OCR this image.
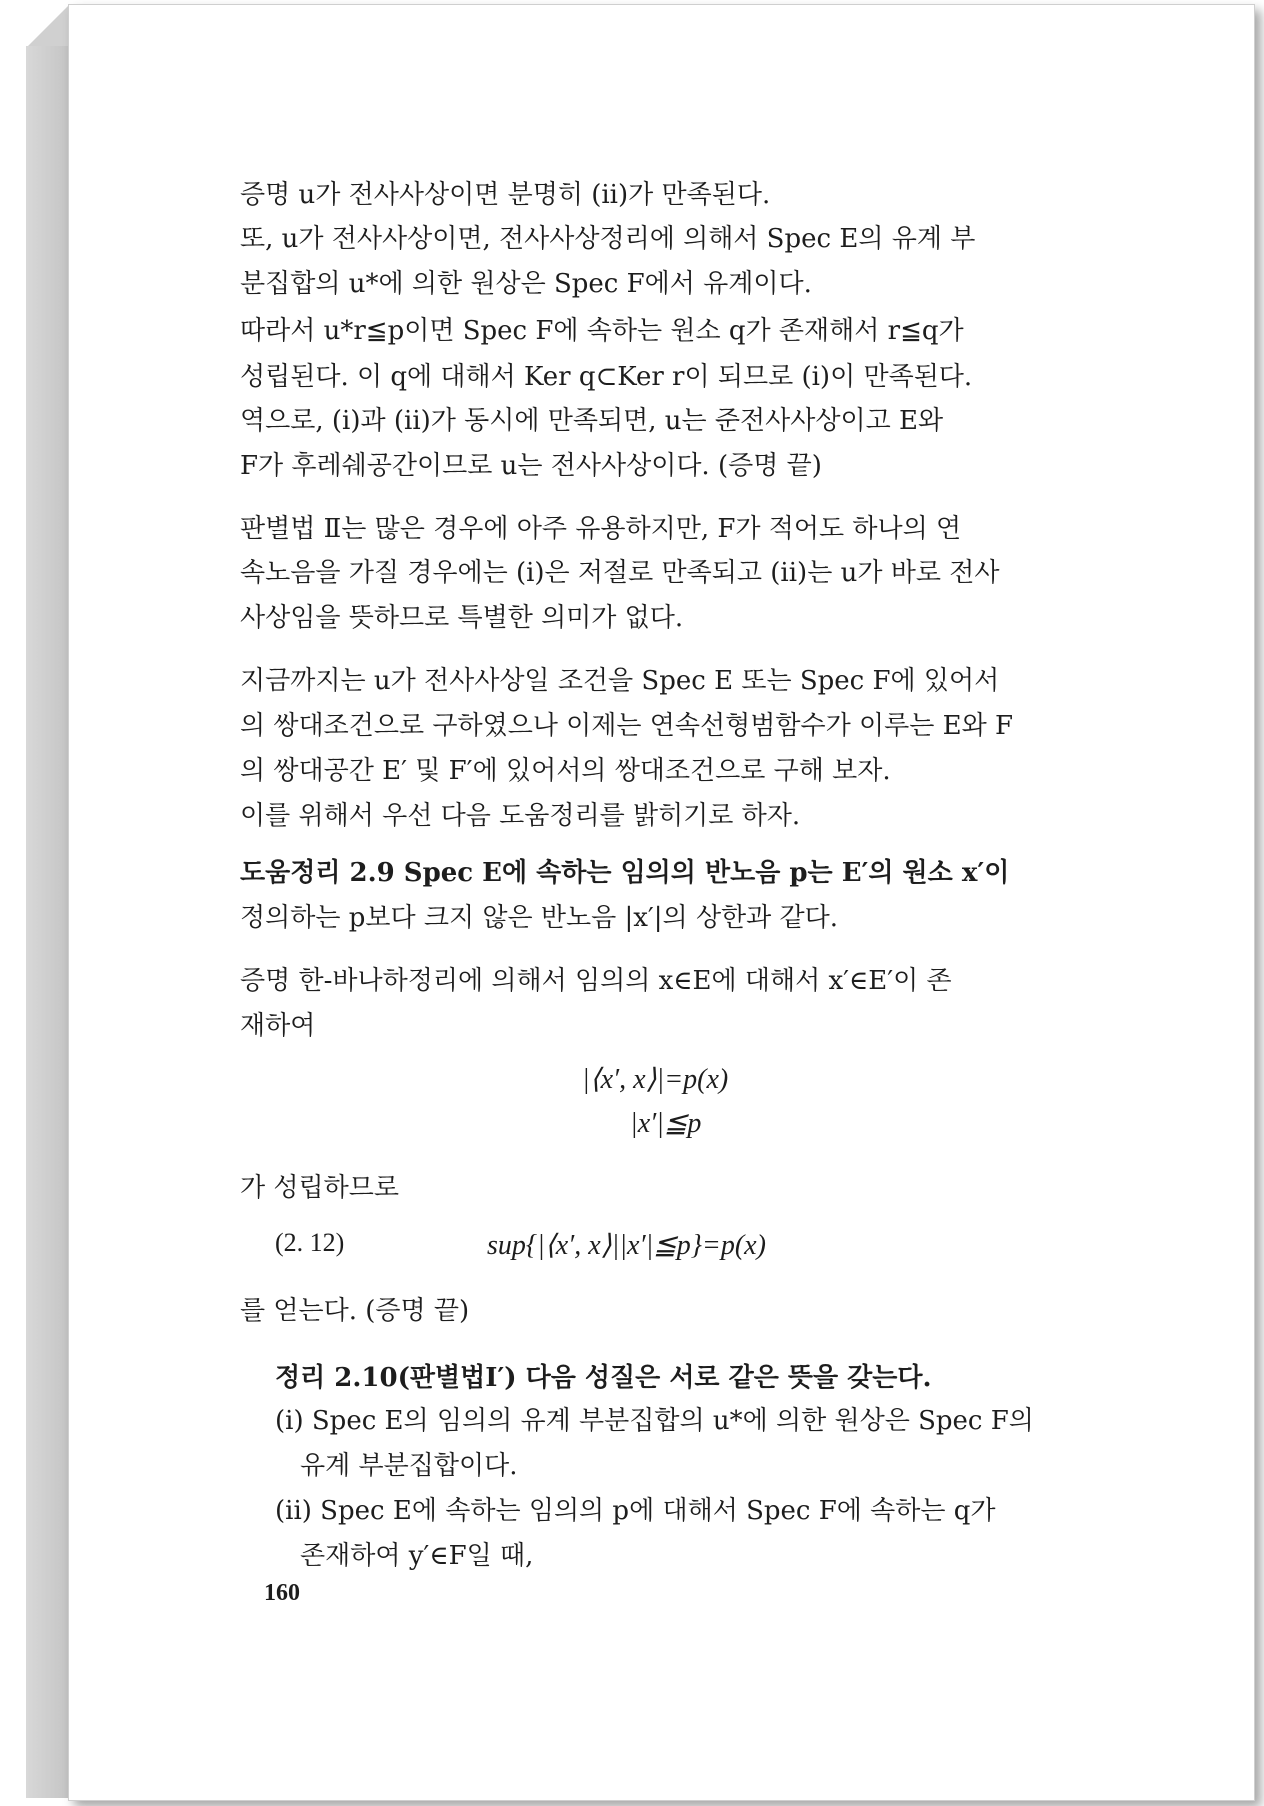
증명 u가 전사사상이면 분명히 (ii)가 만족된다.
또, u가 전사사상이면, 전사사상정리에 의해서 Spec E의 유계 부
분집합의 u*에 의한 원상은 Spec F에서 유계이다.
따라서 u*r≦p이면 Spec F에 속하는 원소 q가 존재해서 r≦q가
성립된다. 이 q에 대해서 Ker q⊂Ker r이 되므로 (i)이 만족된다.
역으로, (i)과 (ii)가 동시에 만족되면, u는 준전사사상이고 E와
F가 후레쉐공간이므로 u는 전사사상이다. (증명 끝)
판별법 Ⅱ는 많은 경우에 아주 유용하지만, F가 적어도 하나의 연
속노음을 가질 경우에는 (i)은 저절로 만족되고 (ii)는 u가 바로 전사
사상임을 뜻하므로 특별한 의미가 없다.
지금까지는 u가 전사사상일 조건을 Spec E 또는 Spec F에 있어서
의 쌍대조건으로 구하였으나 이제는 연속선형범함수가 이루는 E와 F
의 쌍대공간 E′ 및 F′에 있어서의 쌍대조건으로 구해 보자.
이를 위해서 우선 다음 도움정리를 밝히기로 하자.
도움정리 2.9 Spec E에 속하는 임의의 반노음 p는 E′의 원소 x′이
정의하는 p보다 크지 않은 반노음 |x′|의 상한과 같다.
증명 한-바나하정리에 의해서 임의의 x∈E에 대해서 x′∈E′이 존
재하여
|⟨x′, x⟩|=p(x)
|x′|≦p
가 성립하므로
(2. 12)	sup{|⟨x′, x⟩||x′|≦p}=p(x)
를 얻는다. (증명 끝)
정리 2.10(판별법Ⅰ′) 다음 성질은 서로 같은 뜻을 갖는다.
(i) Spec E의 임의의 유계 부분집합의 u*에 의한 원상은 Spec F의
유계 부분집합이다.
(ii) Spec E에 속하는 임의의 p에 대해서 Spec F에 속하는 q가
존재하여 y′∈F일 때,
160
